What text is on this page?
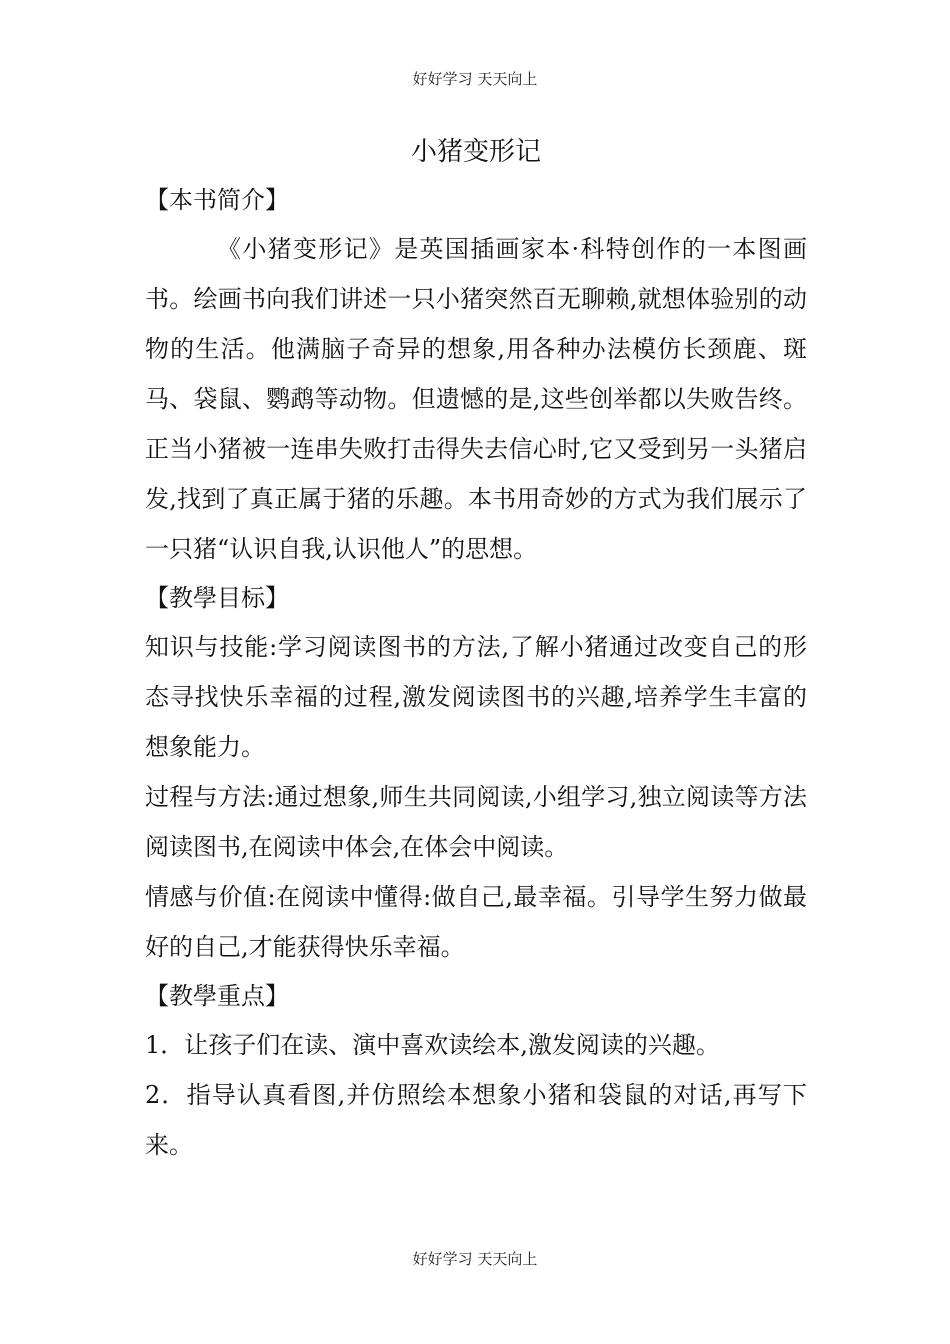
好好学习 天天向上
小猪变形记
【本书简介】

《小猪变形记》是英国插画家本·科特创作的一本图画书。绘画书向我们讲述一只小猪突然百无聊赖,就想体验别的动物的生活。他满脑子奇异的想象,用各种办法模仿长颈鹿、斑马、袋鼠、鹦鹉等动物。但遗憾的是,这些创举都以失败告终。正当小猪被一连串失败打击得失去信心时,它又受到另一头猪启发,找到了真正属于猪的乐趣。本书用奇妙的方式为我们展示了一只猪“认识自我,认识他人”的思想。

【教學目标】

知识与技能:学习阅读图书的方法,了解小猪通过改变自己的形态寻找快乐幸福的过程,激发阅读图书的兴趣,培养学生丰富的想象能力。

过程与方法:通过想象,师生共同阅读,小组学习,独立阅读等方法阅读图书,在阅读中体会,在体会中阅读。

情感与价值:在阅读中懂得:做自己,最幸福。引导学生努力做最好的自己,才能获得快乐幸福。

【教學重点】

1．让孩子们在读、演中喜欢读绘本,激发阅读的兴趣。

2．指导认真看图,并仿照绘本想象小猪和袋鼠的对话,再写下来。

好好学习 天天向上
